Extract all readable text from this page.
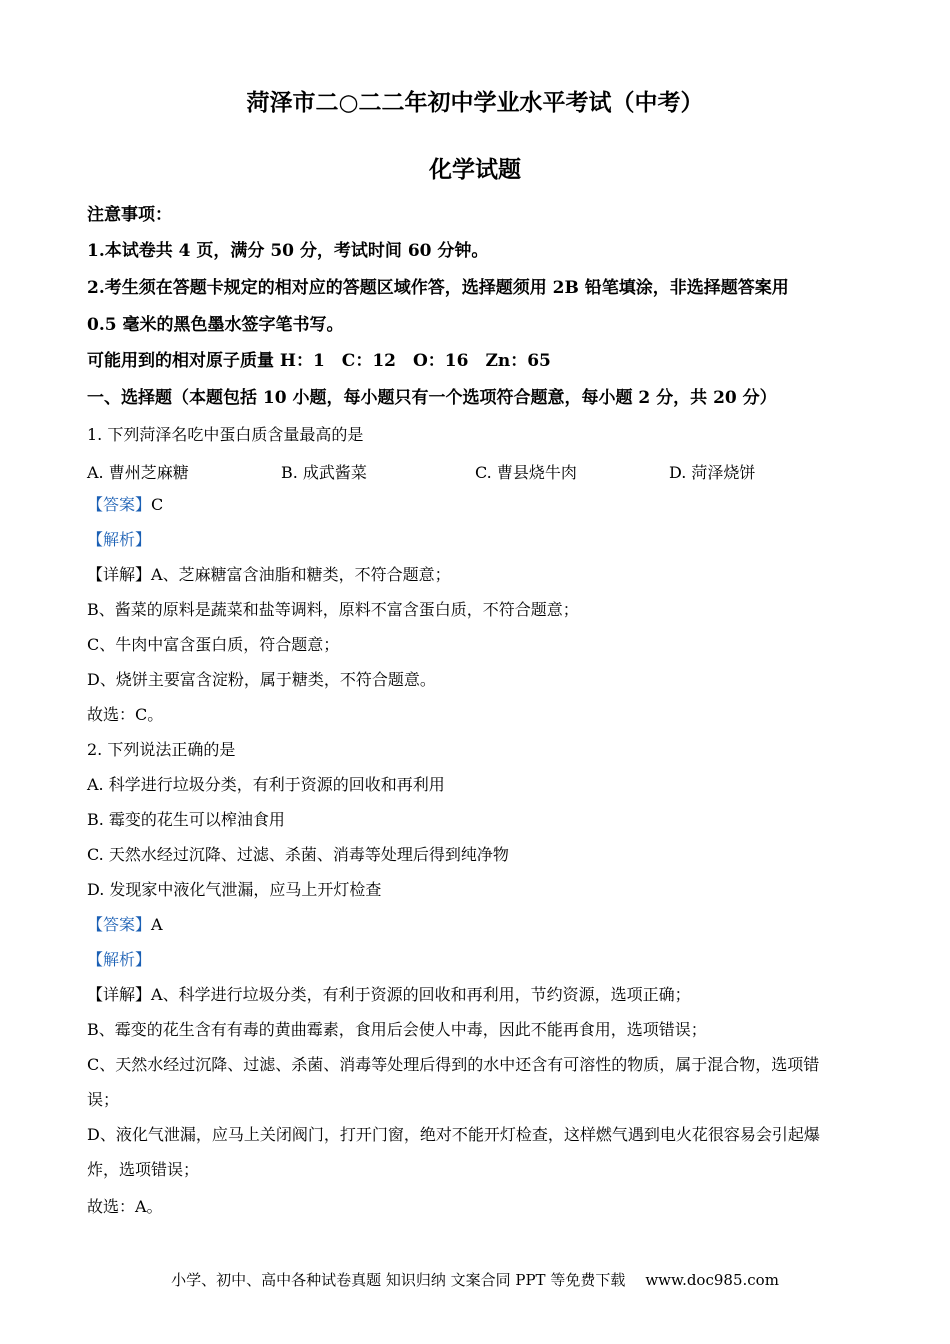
菏泽市二○二二年初中学业水平考试（中考）
化学试题
注意事项：
1.本试卷共 4 页，满分 50 分，考试时间 60 分钟。
2.考生须在答题卡规定的相对应的答题区域作答，选择题须用 2B 铅笔填涂，非选择题答案用
0.5 毫米的黑色墨水签字笔书写。
可能用到的相对原子质量 H：1　C：12　O：16　Zn：65
一、选择题（本题包括 10 小题，每小题只有一个选项符合题意，每小题 2 分，共 20 分）
1. 下列菏泽名吃中蛋白质含量最高的是
A. 曹州芝麻糖	B. 成武酱菜	C. 曹县烧牛肉	D. 菏泽烧饼
【答案】C
【解析】
【详解】A、芝麻糖富含油脂和糖类，不符合题意；
B、酱菜的原料是蔬菜和盐等调料，原料不富含蛋白质，不符合题意；
C、牛肉中富含蛋白质，符合题意；
D、烧饼主要富含淀粉，属于糖类，不符合题意。
故选：C。
2. 下列说法正确的是
A. 科学进行垃圾分类，有利于资源的回收和再利用
B. 霉变的花生可以榨油食用
C. 天然水经过沉降、过滤、杀菌、消毒等处理后得到纯净物
D. 发现家中液化气泄漏，应马上开灯检查
【答案】A
【解析】
【详解】A、科学进行垃圾分类，有利于资源的回收和再利用，节约资源，选项正确；
B、霉变的花生含有有毒的黄曲霉素，食用后会使人中毒，因此不能再食用，选项错误；
C、天然水经过沉降、过滤、杀菌、消毒等处理后得到的水中还含有可溶性的物质，属于混合物，选项错
误；
D、液化气泄漏，应马上关闭阀门，打开门窗，绝对不能开灯检查，这样燃气遇到电火花很容易会引起爆
炸，选项错误；
故选：A。
小学、初中、高中各种试卷真题 知识归纳 文案合同 PPT 等免费下载 www.doc985.com
